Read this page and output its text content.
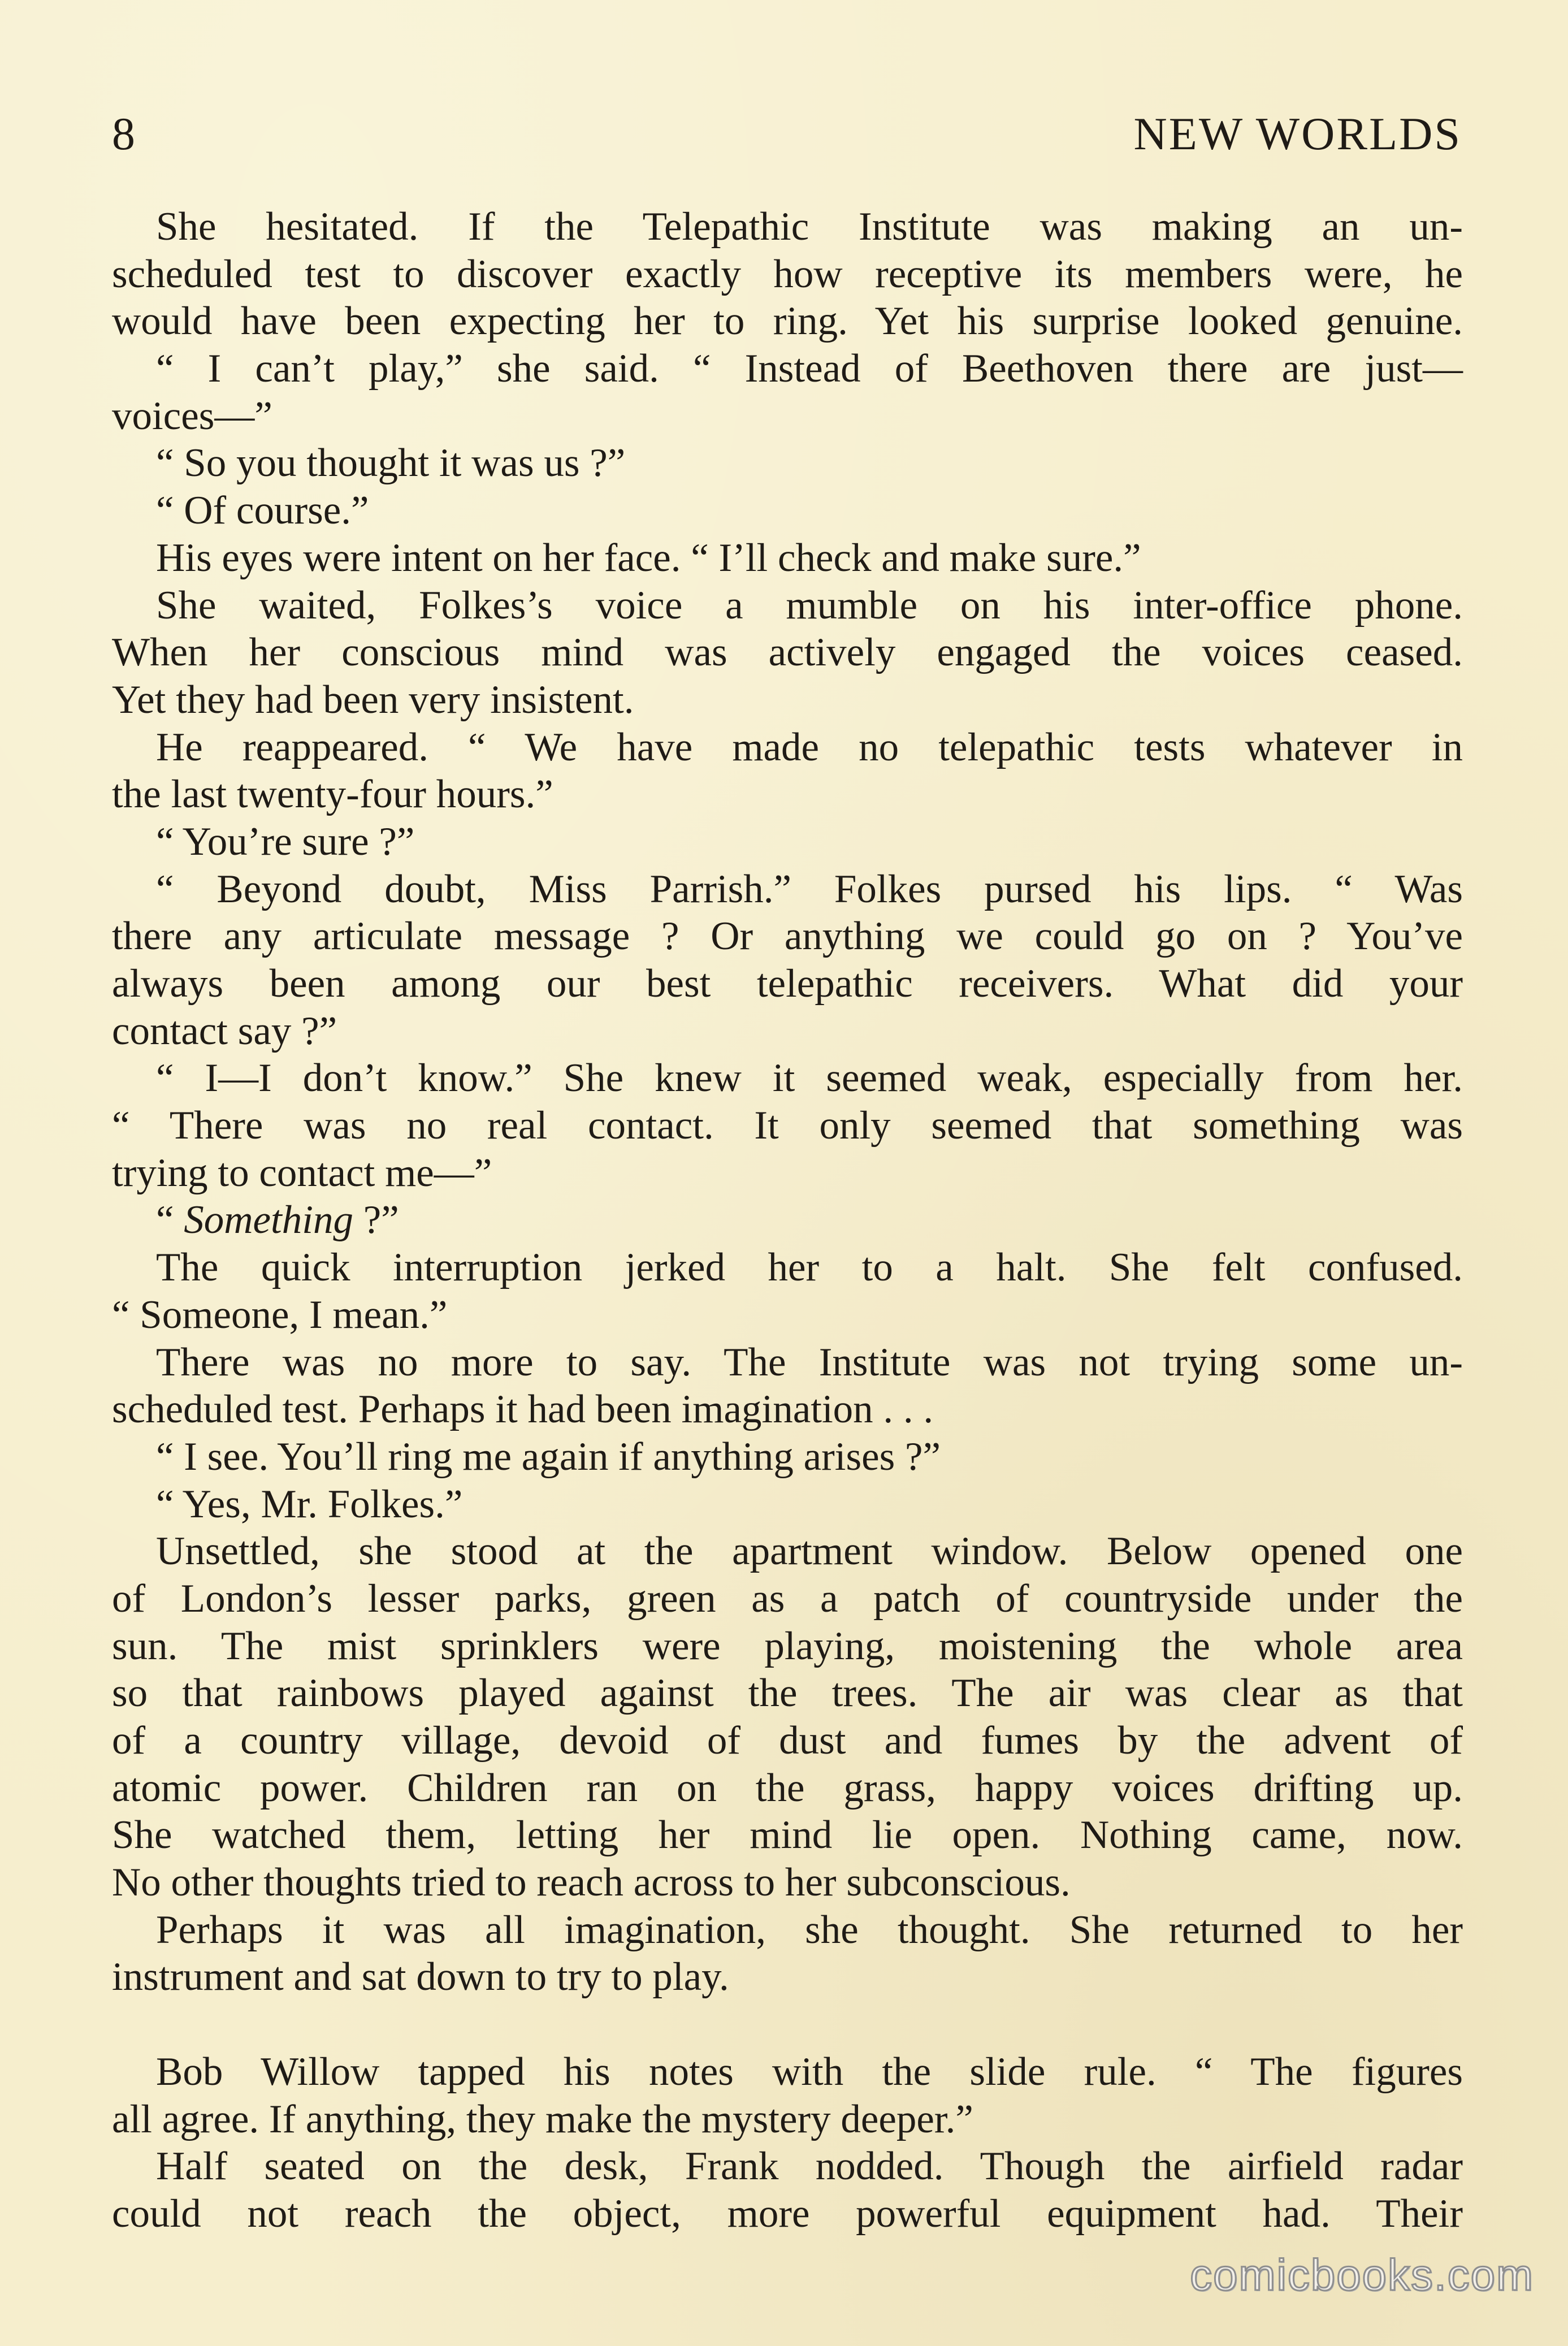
8	NEW WORLDS
She hesitated. If the Telepathic Institute was making an un-
scheduled test to discover exactly how receptive its members were, he
would have been expecting her to ring. Yet his surprise looked genuine.
“ I can’t play,” she said. “ Instead of Beethoven there are just—
voices—”
“ So you thought it was us ?”
“ Of course.”
His eyes were intent on her face. “ I’ll check and make sure.”
She waited, Folkes’s voice a mumble on his inter-office phone.
When her conscious mind was actively engaged the voices ceased.
Yet they had been very insistent.
He reappeared. “ We have made no telepathic tests whatever in
the last twenty-four hours.”
“ You’re sure ?”
“ Beyond doubt, Miss Parrish.” Folkes pursed his lips. “ Was
there any articulate message ? Or anything we could go on ? You’ve
always been among our best telepathic receivers. What did your
contact say ?”
“ I—I don’t know.” She knew it seemed weak, especially from her.
“ There was no real contact. It only seemed that something was
trying to contact me—”
“ Something ?”
The quick interruption jerked her to a halt. She felt confused.
“ Someone, I mean.”
There was no more to say. The Institute was not trying some un-
scheduled test. Perhaps it had been imagination . . .
“ I see. You’ll ring me again if anything arises ?”
“ Yes, Mr. Folkes.”
Unsettled, she stood at the apartment window. Below opened one
of London’s lesser parks, green as a patch of countryside under the
sun. The mist sprinklers were playing, moistening the whole area
so that rainbows played against the trees. The air was clear as that
of a country village, devoid of dust and fumes by the advent of
atomic power. Children ran on the grass, happy voices drifting up.
She watched them, letting her mind lie open. Nothing came, now.
No other thoughts tried to reach across to her subconscious.
Perhaps it was all imagination, she thought. She returned to her
instrument and sat down to try to play.
Bob Willow tapped his notes with the slide rule. “ The figures
all agree. If anything, they make the mystery deeper.”
Half seated on the desk, Frank nodded. Though the airfield radar
could not reach the object, more powerful equipment had. Their
comicbooks.com
